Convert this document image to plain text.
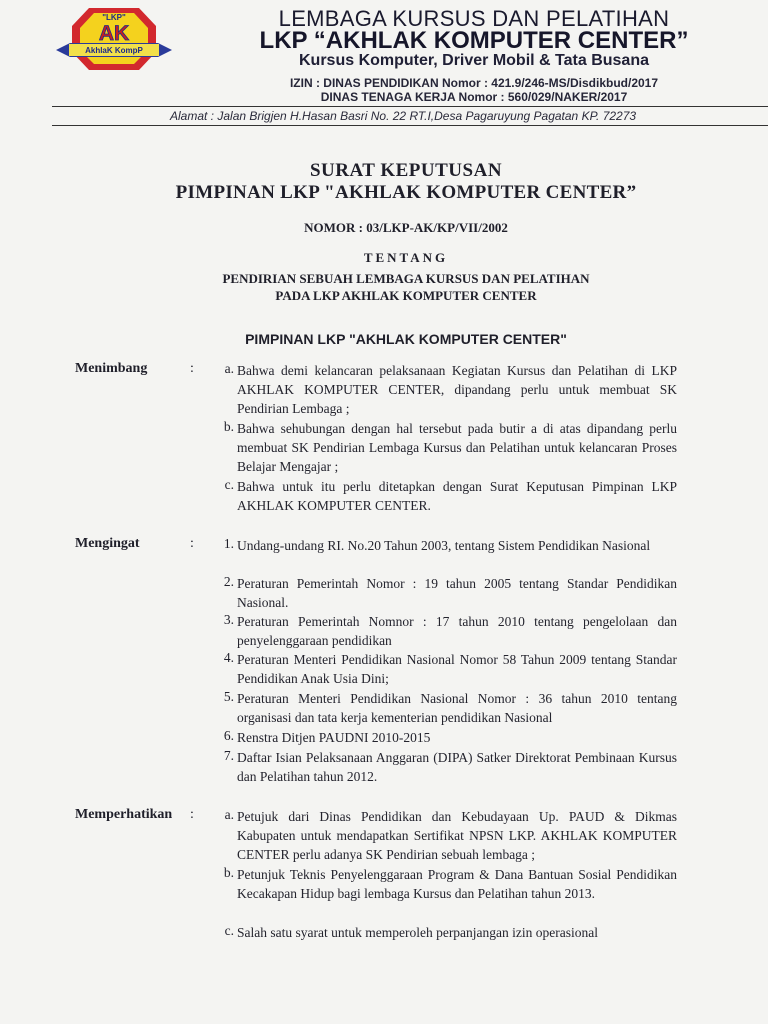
"LKP"
AK
AkhlaK KompP
LEMBAGA KURSUS DAN PELATIHAN
LKP “AKHLAK KOMPUTER CENTER”
Kursus Komputer, Driver Mobil & Tata Busana
IZIN : DINAS PENDIDIKAN Nomor : 421.9/246-MS/Disdikbud/2017
DINAS TENAGA KERJA Nomor : 560/029/NAKER/2017
Alamat : Jalan Brigjen H.Hasan Basri No. 22 RT.I,Desa Pagaruyung Pagatan KP. 72273
SURAT KEPUTUSAN
PIMPINAN LKP "AKHLAK KOMPUTER CENTER”
NOMOR : 03/LKP-AK/KP/VII/2002
TENTANG
PENDIRIAN SEBUAH LEMBAGA KURSUS DAN PELATIHAN
PADA LKP AKHLAK KOMPUTER CENTER
PIMPINAN LKP "AKHLAK KOMPUTER CENTER"
Menimbang	:	a. Bahwa demi kelancaran pelaksanaan Kegiatan Kursus dan Pelatihan di LKP AKHLAK KOMPUTER CENTER, dipandang perlu untuk membuat SK Pendirian Lembaga ;
b. Bahwa sehubungan dengan hal tersebut pada butir a di atas dipandang perlu membuat SK Pendirian Lembaga Kursus dan Pelatihan untuk kelancaran Proses Belajar Mengajar ;
c. Bahwa untuk itu perlu ditetapkan dengan Surat Keputusan Pimpinan LKP AKHLAK KOMPUTER CENTER.
Mengingat	:	1. Undang-undang RI. No.20 Tahun 2003, tentang Sistem Pendidikan Nasional
2. Peraturan Pemerintah Nomor : 19 tahun 2005 tentang Standar Pendidikan Nasional.
3. Peraturan Pemerintah Nomnor : 17 tahun 2010 tentang pengelolaan dan penyelenggaraan pendidikan
4. Peraturan Menteri Pendidikan Nasional Nomor 58 Tahun 2009 tentang Standar Pendidikan Anak Usia Dini;
5. Peraturan Menteri Pendidikan Nasional Nomor : 36 tahun 2010 tentang organisasi dan tata kerja kementerian pendidikan Nasional
6. Renstra Ditjen PAUDNI 2010-2015
7. Daftar Isian Pelaksanaan Anggaran (DIPA) Satker Direktorat Pembinaan Kursus dan Pelatihan tahun 2012.
Memperhatikan :	a. Petujuk dari Dinas Pendidikan dan Kebudayaan Up. PAUD & Dikmas Kabupaten untuk mendapatkan Sertifikat NPSN LKP. AKHLAK KOMPUTER CENTER perlu adanya SK Pendirian sebuah lembaga ;
b. Petunjuk Teknis Penyelenggaraan Program & Dana Bantuan Sosial Pendidikan Kecakapan Hidup bagi lembaga Kursus dan Pelatihan tahun 2013.
c. Salah satu syarat untuk memperoleh perpanjangan izin operasional
